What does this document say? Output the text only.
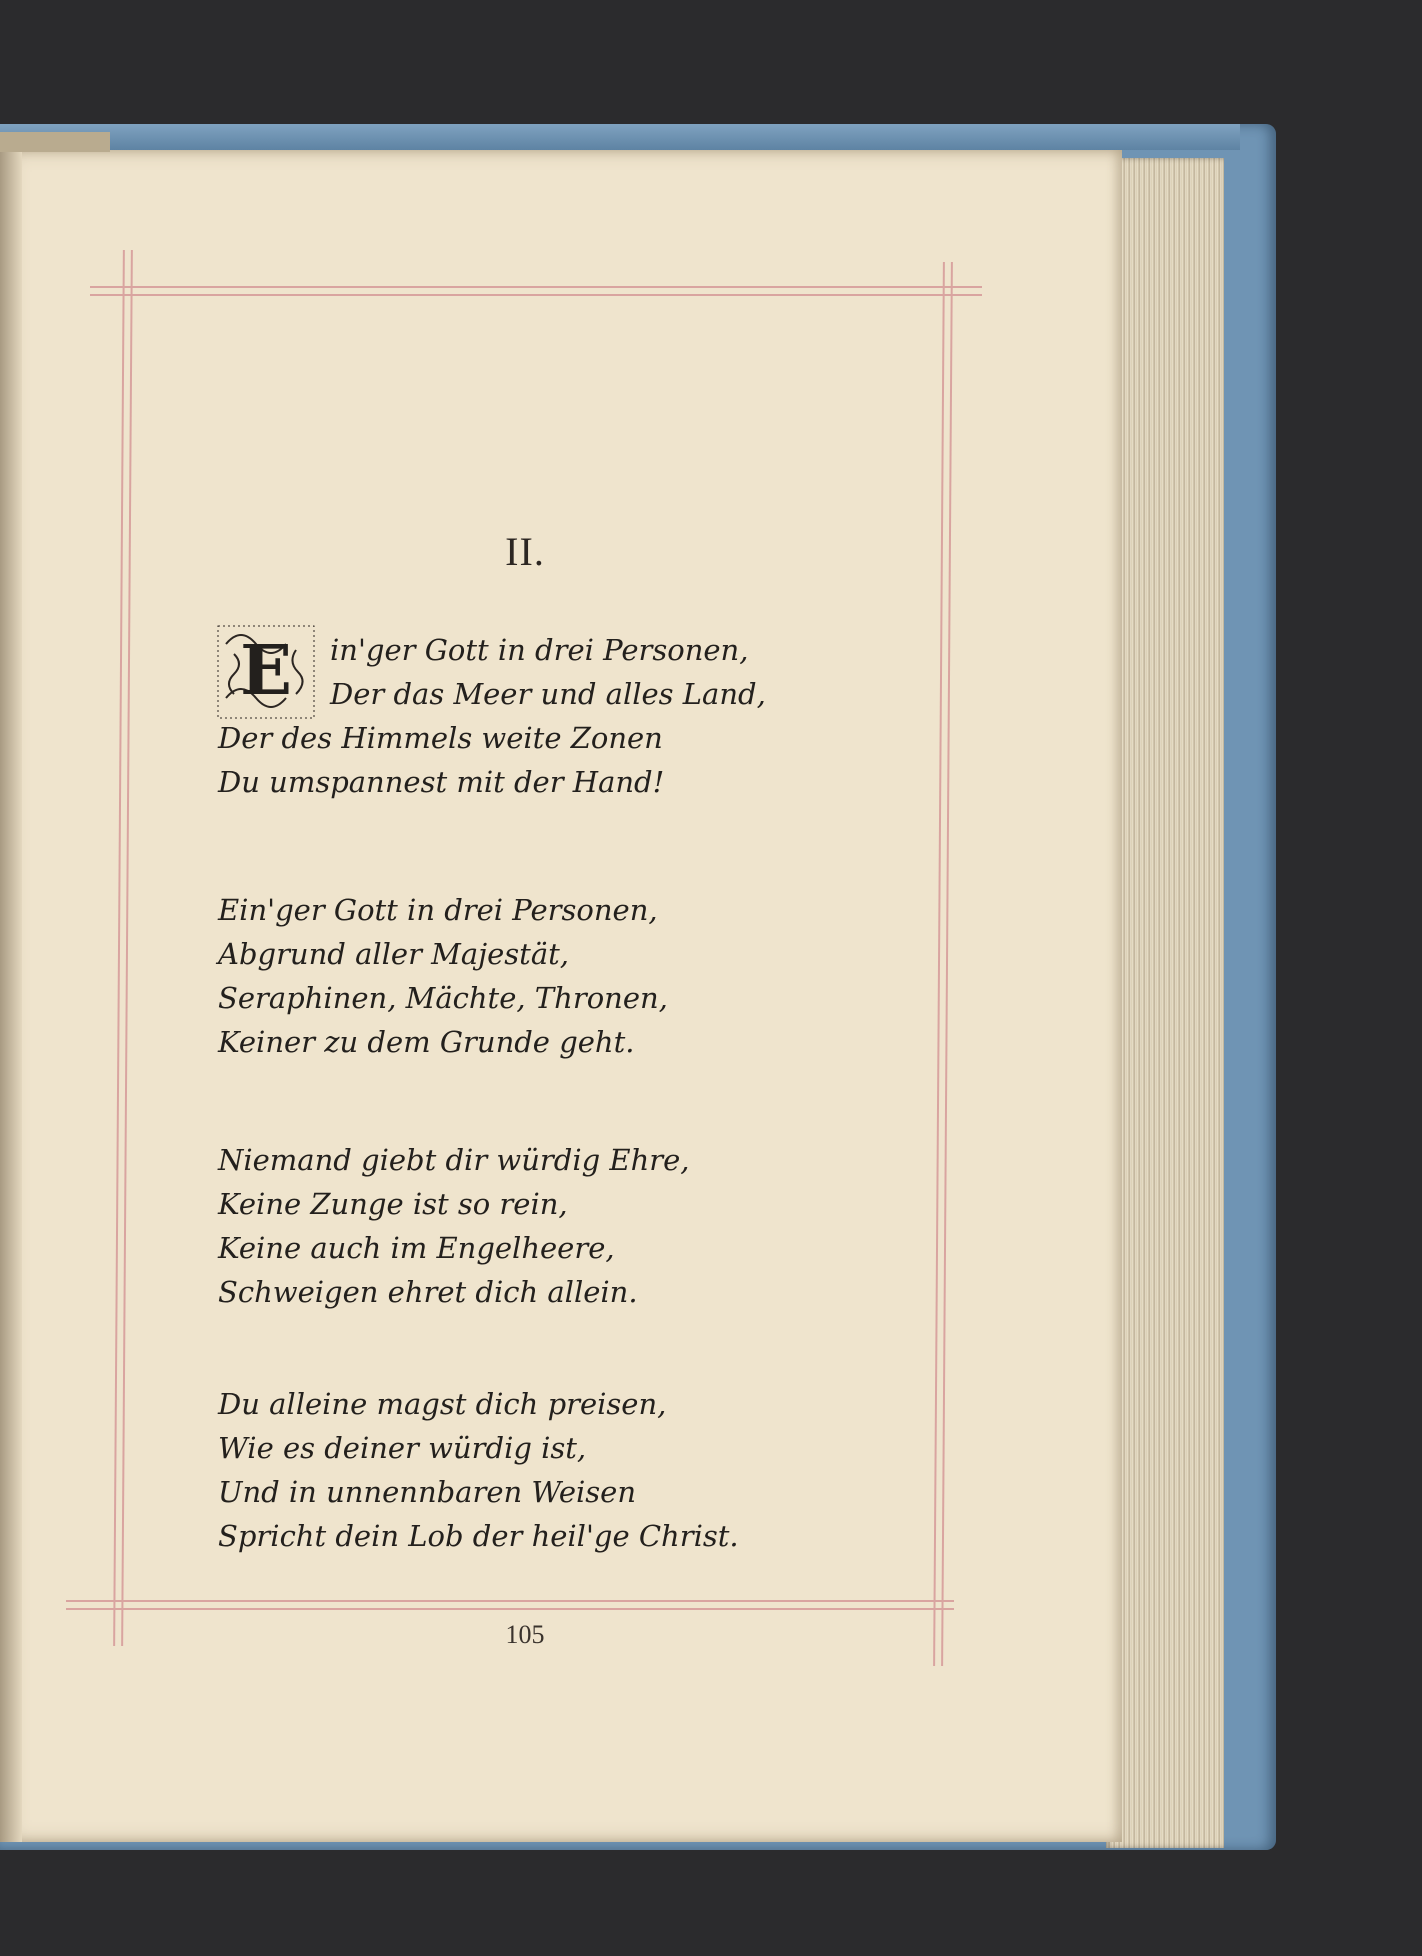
II.
E	in'ger Gott in drei Personen,
Der das Meer und alles Land,
Der des Himmels weite Zonen
Du umspannest mit der Hand!
Ein'ger Gott in drei Personen,
Abgrund aller Majestät,
Seraphinen, Mächte, Thronen,
Keiner zu dem Grunde geht.
Niemand giebt dir würdig Ehre,
Keine Zunge ist so rein,
Keine auch im Engelheere,
Schweigen ehret dich allein.
Du alleine magst dich preisen,
Wie es deiner würdig ist,
Und in unnennbaren Weisen
Spricht dein Lob der heil'ge Christ.
105
